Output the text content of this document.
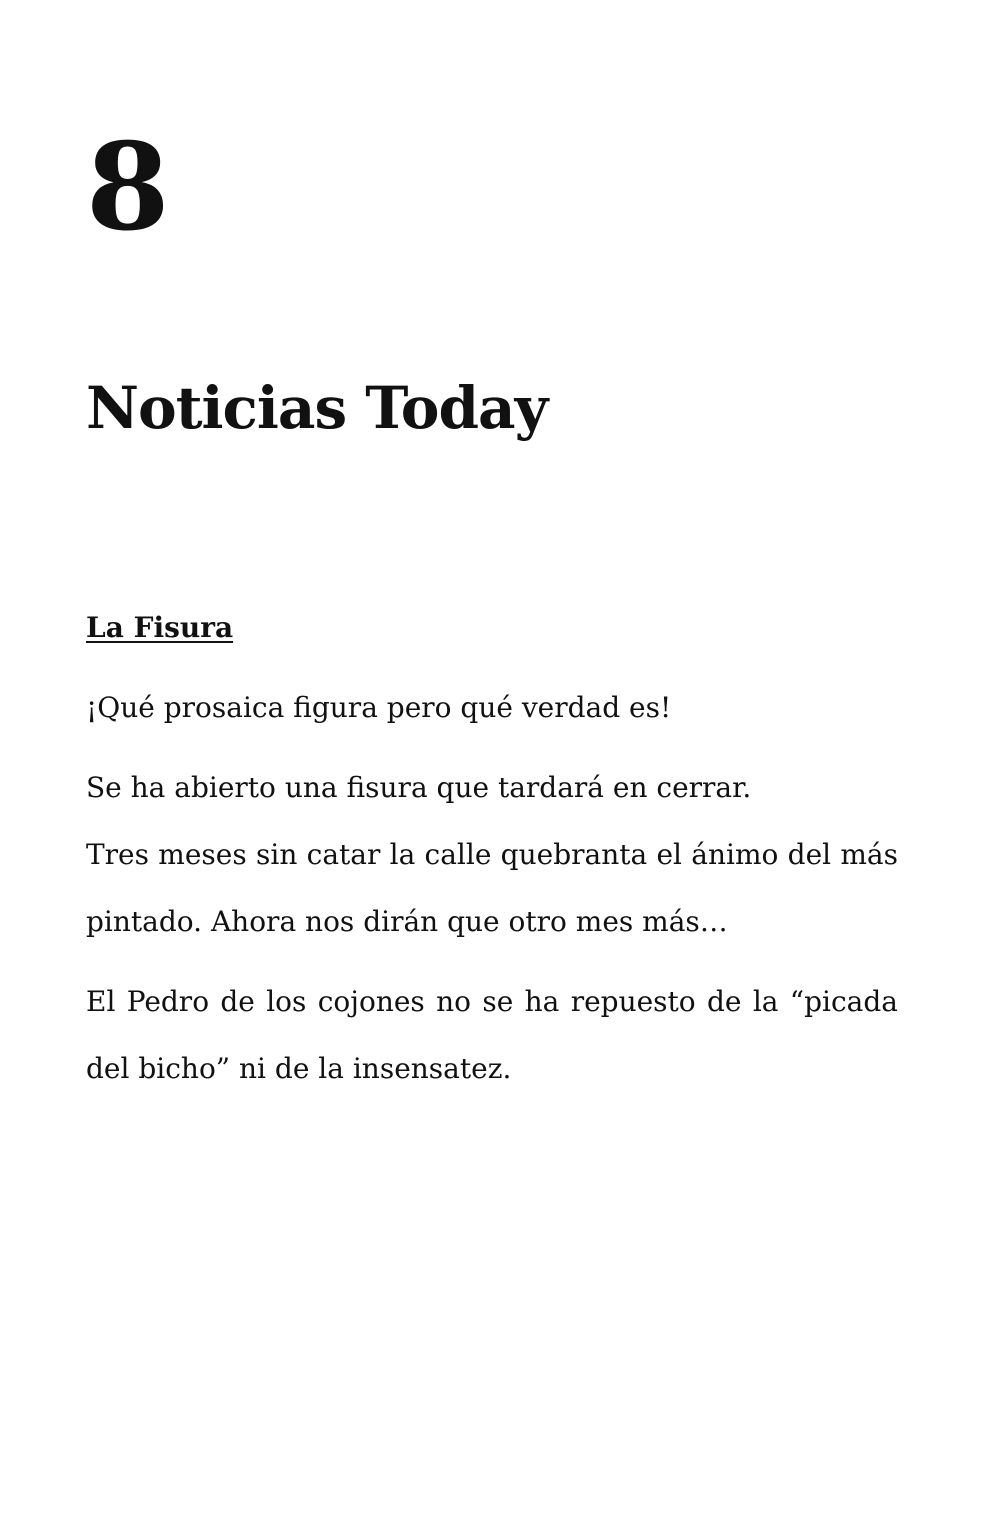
8
Noticias Today
La Fisura

¡Qué prosaica figura pero qué verdad es!

Se ha abierto una fisura que tardará en cerrar.

Tres meses sin catar la calle quebranta el ánimo del más pintado. Ahora nos dirán que otro mes más…

El Pedro de los cojones no se ha repuesto de la “picada del bicho” ni de la insensatez.
